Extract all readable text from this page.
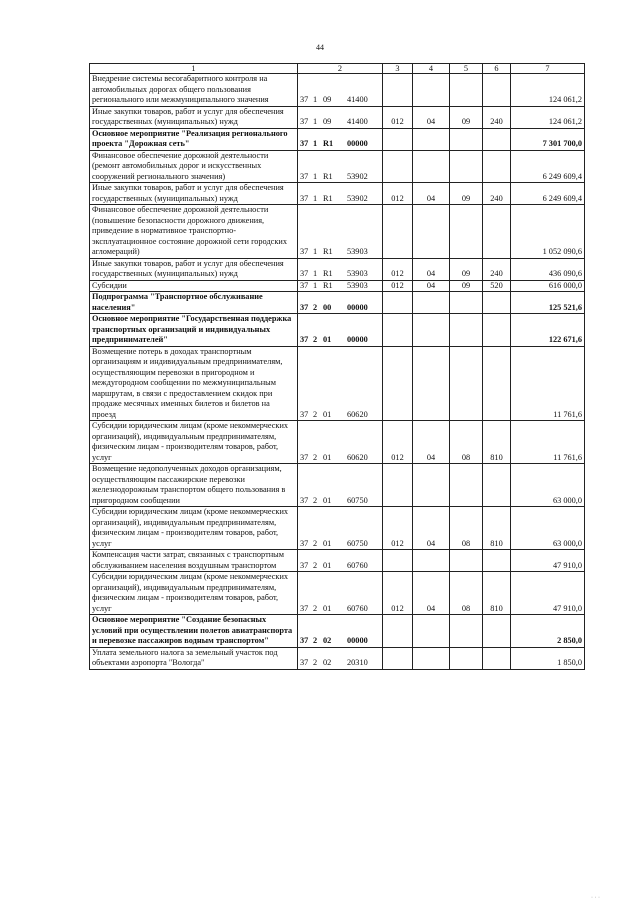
44
1	2	3	4	5	6	7
Внедрение системы весогабаритного контроля на автомобильных дорогах общего пользования регионального или межмуниципального значения	37 1 09 41400					124 061,2
Иные закупки товаров, работ и услуг для обеспечения государственных (муниципальных) нужд	37 1 09 41400	012	04	09	240	124 061,2
Основное мероприятие "Реализация регионального проекта "Дорожная сеть"	37 1 R1 00000					7 301 700,0
Финансовое обеспечение дорожной деятельности (ремонт автомобильных дорог и искусственных сооружений регионального значения)	37 1 R1 53902					6 249 609,4
Иные закупки товаров, работ и услуг для обеспечения государственных (муниципальных) нужд	37 1 R1 53902	012	04	09	240	6 249 609,4
Финансовое обеспечение дорожной деятельности (повышение безопасности дорожного движения, приведение в нормативное транспортно-эксплуатационное состояние дорожной сети городских агломераций)	37 1 R1 53903					1 052 090,6
Иные закупки товаров, работ и услуг для обеспечения государственных (муниципальных) нужд	37 1 R1 53903	012	04	09	240	436 090,6
Субсидии	37 1 R1 53903	012	04	09	520	616 000,0
Подпрограмма "Транспортное обслуживание населения"	37 2 00 00000					125 521,6
Основное мероприятие "Государственная поддержка транспортных организаций и индивидуальных предпринимателей"	37 2 01 00000					122 671,6
Возмещение потерь в доходах транспортным организациям и индивидуальным предпринимателям, осуществляющим перевозки в пригородном и междугородном сообщении по межмуниципальным маршрутам, в связи с предоставлением скидок при продаже месячных именных билетов и билетов на проезд	37 2 01 60620					11 761,6
Субсидии юридическим лицам (кроме некоммерческих организаций), индивидуальным предпринимателям, физическим лицам - производителям товаров, работ, услуг	37 2 01 60620	012	04	08	810	11 761,6
Возмещение недополученных доходов организациям, осуществляющим пассажирские перевозки железнодорожным транспортом общего пользования в пригородном сообщении	37 2 01 60750					63 000,0
Субсидии юридическим лицам (кроме некоммерческих организаций), индивидуальным предпринимателям, физическим лицам - производителям товаров, работ, услуг	37 2 01 60750	012	04	08	810	63 000,0
Компенсация части затрат, связанных с транспортным обслуживанием населения воздушным транспортом	37 2 01 60760					47 910,0
Субсидии юридическим лицам (кроме некоммерческих организаций), индивидуальным предпринимателям, физическим лицам - производителям товаров, работ, услуг	37 2 01 60760	012	04	08	810	47 910,0
Основное мероприятие "Создание безопасных условий при осуществлении полетов авиатранспорта и перевозке пассажиров водным транспортом"	37 2 02 00000					2 850,0
Уплата земельного налога за земельный участок под объектами аэропорта "Вологда"	37 2 02 20310					1 850,0
· · ·
